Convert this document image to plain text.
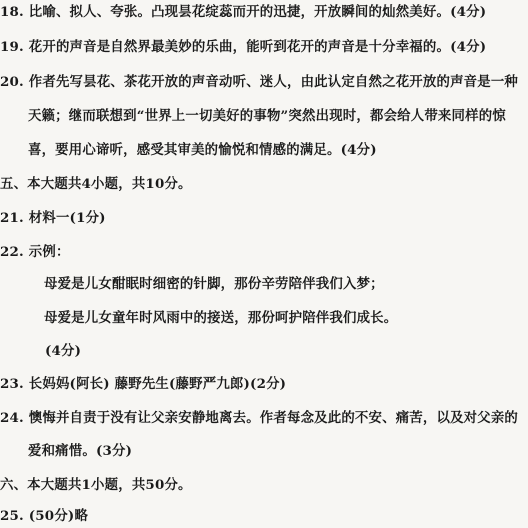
18. 比喻、拟人、夸张。凸现昙花绽蕊而开的迅捷，开放瞬间的灿然美好。(4分)
19. 花开的声音是自然界最美妙的乐曲，能听到花开的声音是十分幸福的。(4分)
20. 作者先写昙花、茶花开放的声音动听、迷人，由此认定自然之花开放的声音是一种
天籁；继而联想到“世界上一切美好的事物”突然出现时，都会给人带来同样的惊
喜，要用心谛听，感受其审美的愉悦和情感的满足。(4分)
五、本大题共4小题，共10分。
21. 材料一(1分)
22. 示例：
母爱是儿女酣眠时细密的针脚，那份辛劳陪伴我们入梦；
母爱是儿女童年时风雨中的接送，那份呵护陪伴我们成长。
(4分)
23. 长妈妈(阿长) 藤野先生(藤野严九郎)(2分)
24. 懊悔并自责于没有让父亲安静地离去。作者每念及此的不安、痛苦，以及对父亲的
爱和痛惜。(3分)
六、本大题共1小题，共50分。
25. (50分)略
